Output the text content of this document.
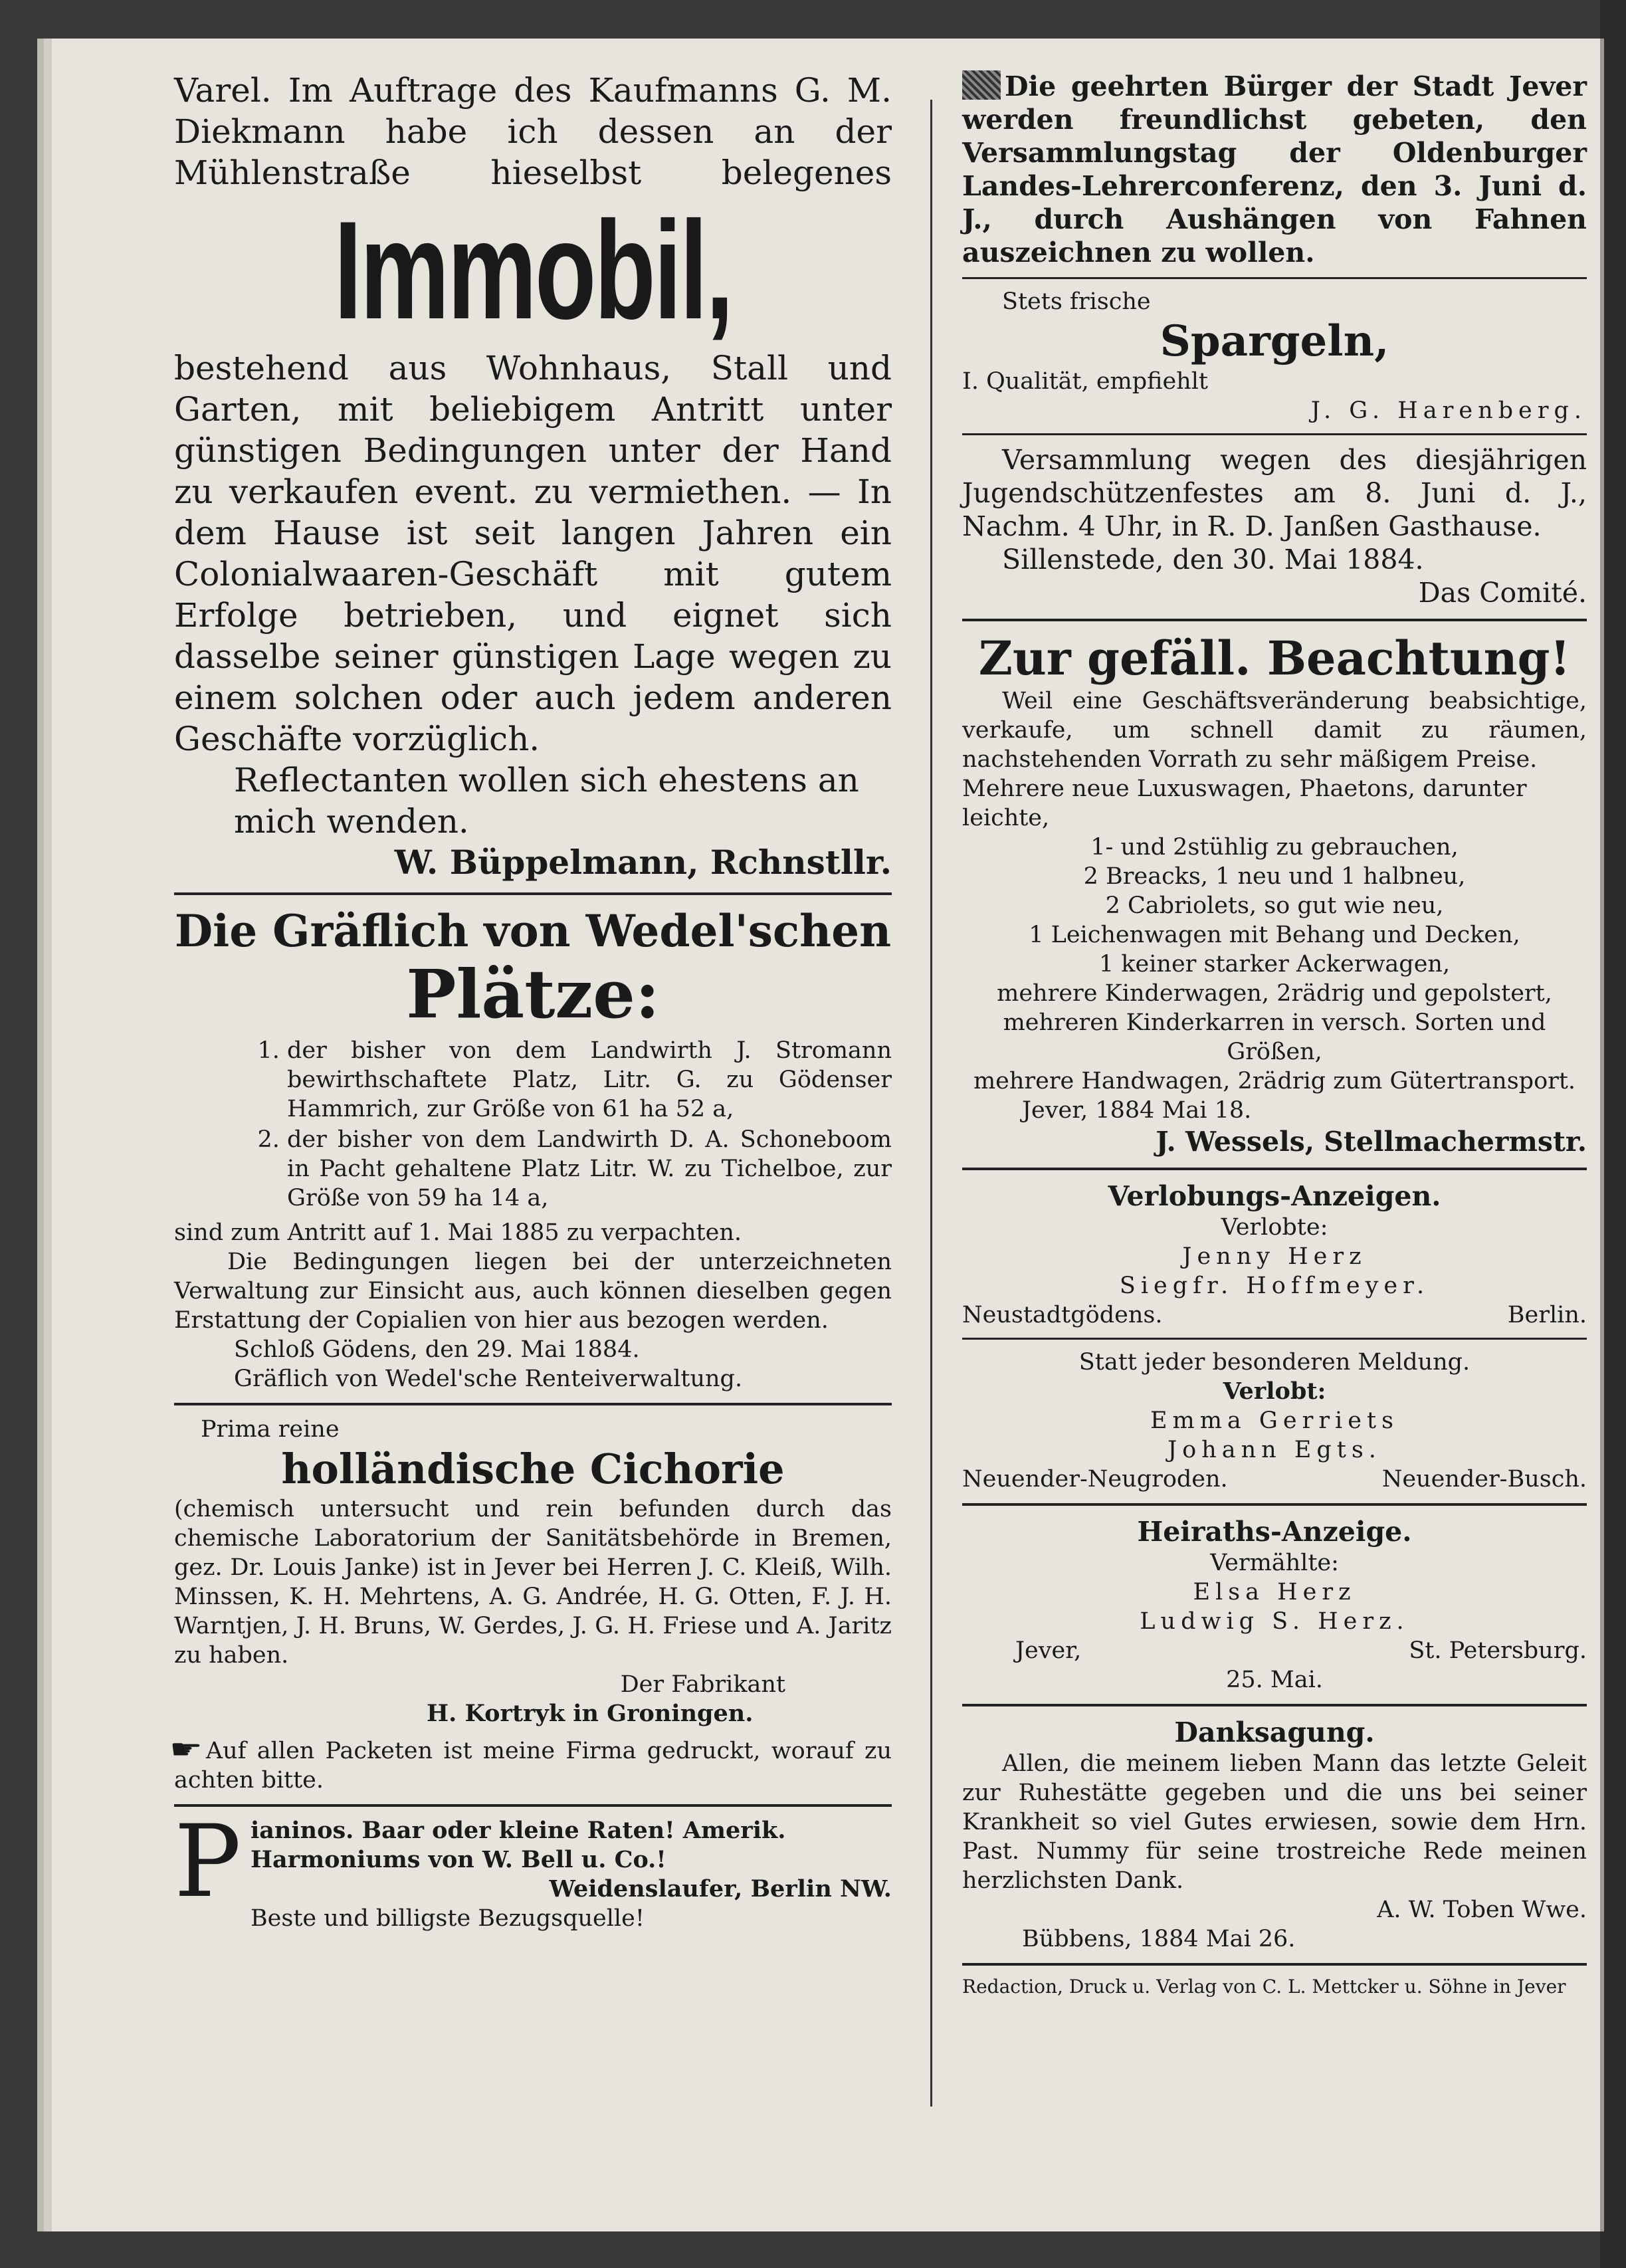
Varel. Im Auftrage des Kaufmanns G. M. Diekmann habe ich dessen an der Mühlenstraße hieselbst belegenes

Immobil,

bestehend aus Wohnhaus, Stall und Garten, mit beliebigem Antritt unter günstigen Bedingungen unter der Hand zu verkaufen event. zu vermiethen. — In dem Hause ist seit langen Jahren ein Colonialwaaren-Geschäft mit gutem Erfolge betrieben, und eignet sich dasselbe seiner günstigen Lage wegen zu einem solchen oder auch jedem anderen Geschäfte vorzüglich.

Reflectanten wollen sich ehestens an mich wenden.

W. Büppelmann, Rchnstllr.

Die Gräflich von Wedel'schen
Plätze:
1. der bisher von dem Landwirth J. Stromann bewirthschaftete Platz, Litr. G. zu Gödenser Hammrich, zur Größe von 61 ha 52 a,
2. der bisher von dem Landwirth D. A. Schoneboom in Pacht gehaltene Platz Litr. W. zu Tichelboe, zur Größe von 59 ha 14 a,

sind zum Antritt auf 1. Mai 1885 zu verpachten.

Die Bedingungen liegen bei der unterzeichneten Verwaltung zur Einsicht aus, auch können dieselben gegen Erstattung der Copialien von hier aus bezogen werden.

Schloß Gödens, den 29. Mai 1884.

Gräflich von Wedel'sche Renteiverwaltung.

Prima reine

holländische Cichorie

(chemisch untersucht und rein befunden durch das chemische Laboratorium der Sanitätsbehörde in Bremen, gez. Dr. Louis Janke) ist in Jever bei Herren J. C. Kleiß, Wilh. Minssen, K. H. Mehrtens, A. G. Andrée, H. G. Otten, F. J. H. Warntjen, J. H. Bruns, W. Gerdes, J. G. H. Friese und A. Jaritz zu haben.

Der Fabrikant

H. Kortryk in Groningen.

☛ Auf allen Packeten ist meine Firma gedruckt, worauf zu achten bitte.

P ianinos. Baar oder kleine Raten! Amerik.

Harmoniums von W. Bell u. Co.!

Weidenslaufer, Berlin NW.

Beste und billigste Bezugsquelle!

Die geehrten Bürger der Stadt Jever werden freundlichst gebeten, den Versammlungstag der Oldenburger Landes-Lehrerconferenz, den 3. Juni d. J., durch Aushängen von Fahnen auszeichnen zu wollen.

Stets frische

Spargeln,

I. Qualität, empfiehlt

J. G. Harenberg.

Versammlung wegen des diesjährigen Jugendschützenfestes am 8. Juni d. J., Nachm. 4 Uhr, in R. D. Janßen Gasthause.

Sillenstede, den 30. Mai 1884.

Das Comité.

Zur gefäll. Beachtung!

Weil eine Geschäftsveränderung beabsichtige, verkaufe, um schnell damit zu räumen, nachstehenden Vorrath zu sehr mäßigem Preise.

Mehrere neue Luxuswagen, Phaetons, darunter leichte,

1- und 2stühlig zu gebrauchen,

2 Breacks, 1 neu und 1 halbneu,

2 Cabriolets, so gut wie neu,

1 Leichenwagen mit Behang und Decken,

1 keiner starker Ackerwagen,

mehrere Kinderwagen, 2rädrig und gepolstert,

mehreren Kinderkarren in versch. Sorten und Größen,

mehrere Handwagen, 2rädrig zum Gütertransport.

Jever, 1884 Mai 18.

J. Wessels, Stellmachermstr.

Verlobungs-Anzeigen.

Verlobte:

Jenny Herz

Siegfr. Hoffmeyer.

Neustadtgödens.	Berlin.

Statt jeder besonderen Meldung.

Verlobt:

Emma Gerriets

Johann Egts.

Neuender-Neugroden.	Neuender-Busch.
Heiraths-Anzeige.

Vermählte:

Elsa Herz

Ludwig S. Herz.

Jever,	St. Petersburg.

25. Mai.

Danksagung.

Allen, die meinem lieben Mann das letzte Geleit zur Ruhestätte gegeben und die uns bei seiner Krankheit so viel Gutes erwiesen, sowie dem Hrn. Past. Nummy für seine trostreiche Rede meinen herzlichsten Dank.

A. W. Toben Wwe.

Bübbens, 1884 Mai 26.

Redaction, Druck u. Verlag von C. L. Mettcker u. Söhne in Jever
